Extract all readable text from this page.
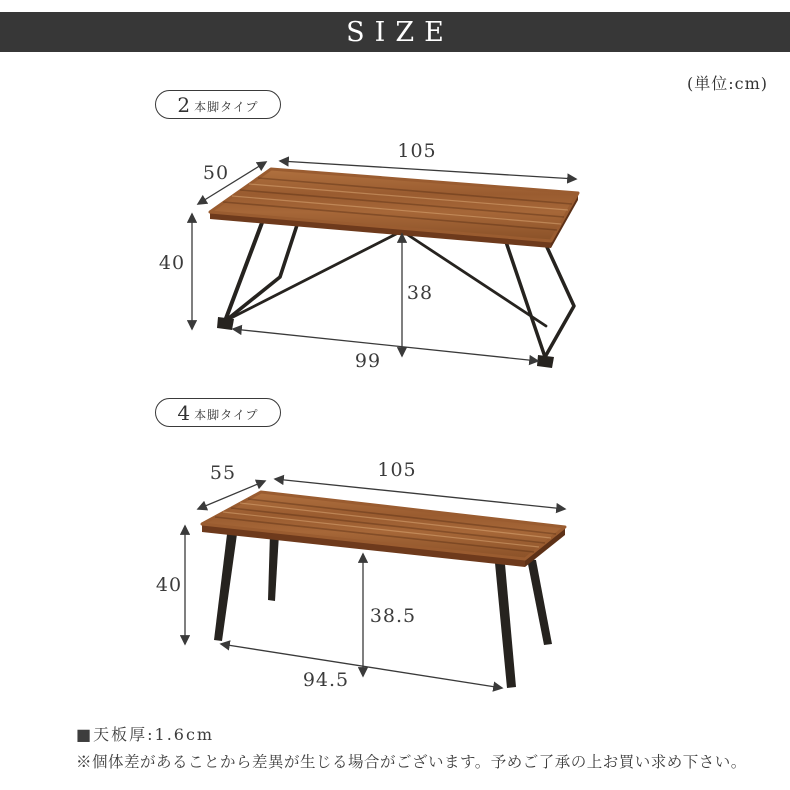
SIZE
(単位:cm)
2 本脚タイプ
4 本脚タイプ
105
50
40
38
99
105
55
40
38.5
94.5
■天板厚:1.6cm
※個体差があることから差異が生じる場合がございます。予めご了承の上お買い求め下さい。
